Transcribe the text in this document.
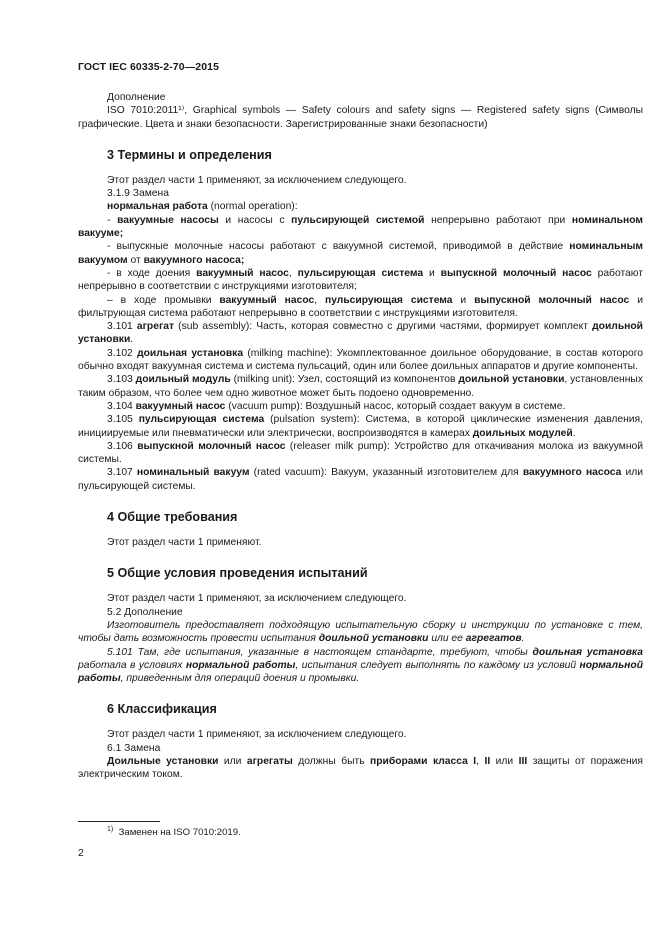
ГОСТ IEC 60335-2-70—2015

Дополнение

ISO 7010:2011¹⁾, Graphical symbols — Safety colours and safety signs — Registered safety signs (Символы графические. Цвета и знаки безопасности. Зарегистрированные знаки безопасности)

3 Термины и определения

Этот раздел части 1 применяют, за исключением следующего.

3.1.9 Замена

нормальная работа (normal operation):

- вакуумные насосы и насосы с пульсирующей системой непрерывно работают при номинальном вакууме;

- выпускные молочные насосы работают с вакуумной системой, приводимой в действие номинальным вакуумом от вакуумного насоса;

- в ходе доения вакуумный насос, пульсирующая система и выпускной молочный насос работают непрерывно в соответствии с инструкциями изготовителя;

– в ходе промывки вакуумный насос, пульсирующая система и выпускной молочный насос и фильтрующая система работают непрерывно в соответствии с инструкциями изготовителя.

3.101 агрегат (sub assembly): Часть, которая совместно с другими частями, формирует комплект доильной установки.

3.102 доильная установка (milking machine): Укомплектованное доильное оборудование, в состав которого обычно входят вакуумная система и система пульсаций, один или более доильных аппаратов и другие компоненты.

3.103 доильный модуль (milking unit): Узел, состоящий из компонентов доильной установки, установленных таким образом, что более чем одно животное может быть подоено одновременно.

3.104 вакуумный насос (vacuum pump): Воздушный насос, который создает вакуум в системе.

3.105 пульсирующая система (pulsation system): Система, в которой циклические изменения давления, инициируемые или пневматически или электрически, воспроизводятся в камерах доильных модулей.

3.106 выпускной молочный насос (releaser milk pump): Устройство для откачивания молока из вакуумной системы.

3.107 номинальный вакуум (rated vacuum): Вакуум, указанный изготовителем для вакуумного насоса или пульсирующей системы.

4 Общие требования

Этот раздел части 1 применяют.

5 Общие условия проведения испытаний

Этот раздел части 1 применяют, за исключением следующего.

5.2 Дополнение

Изготовитель предоставляет подходящую испытательную сборку и инструкции по установке с тем, чтобы дать возможность провести испытания доильной установки или ее агрегатов.

5.101 Там, где испытания, указанные в настоящем стандарте, требуют, чтобы доильная установка работала в условиях нормальной работы, испытания следует выполнять по каждому из условий нормальной работы, приведенным для операций доения и промывки.

6 Классификация

Этот раздел части 1 применяют, за исключением следующего.

6.1 Замена

Доильные установки или агрегаты должны быть приборами класса I, II или III защиты от поражения электрическим током.

$^{1)}$ Заменен на ISO 7010:2019.
2
